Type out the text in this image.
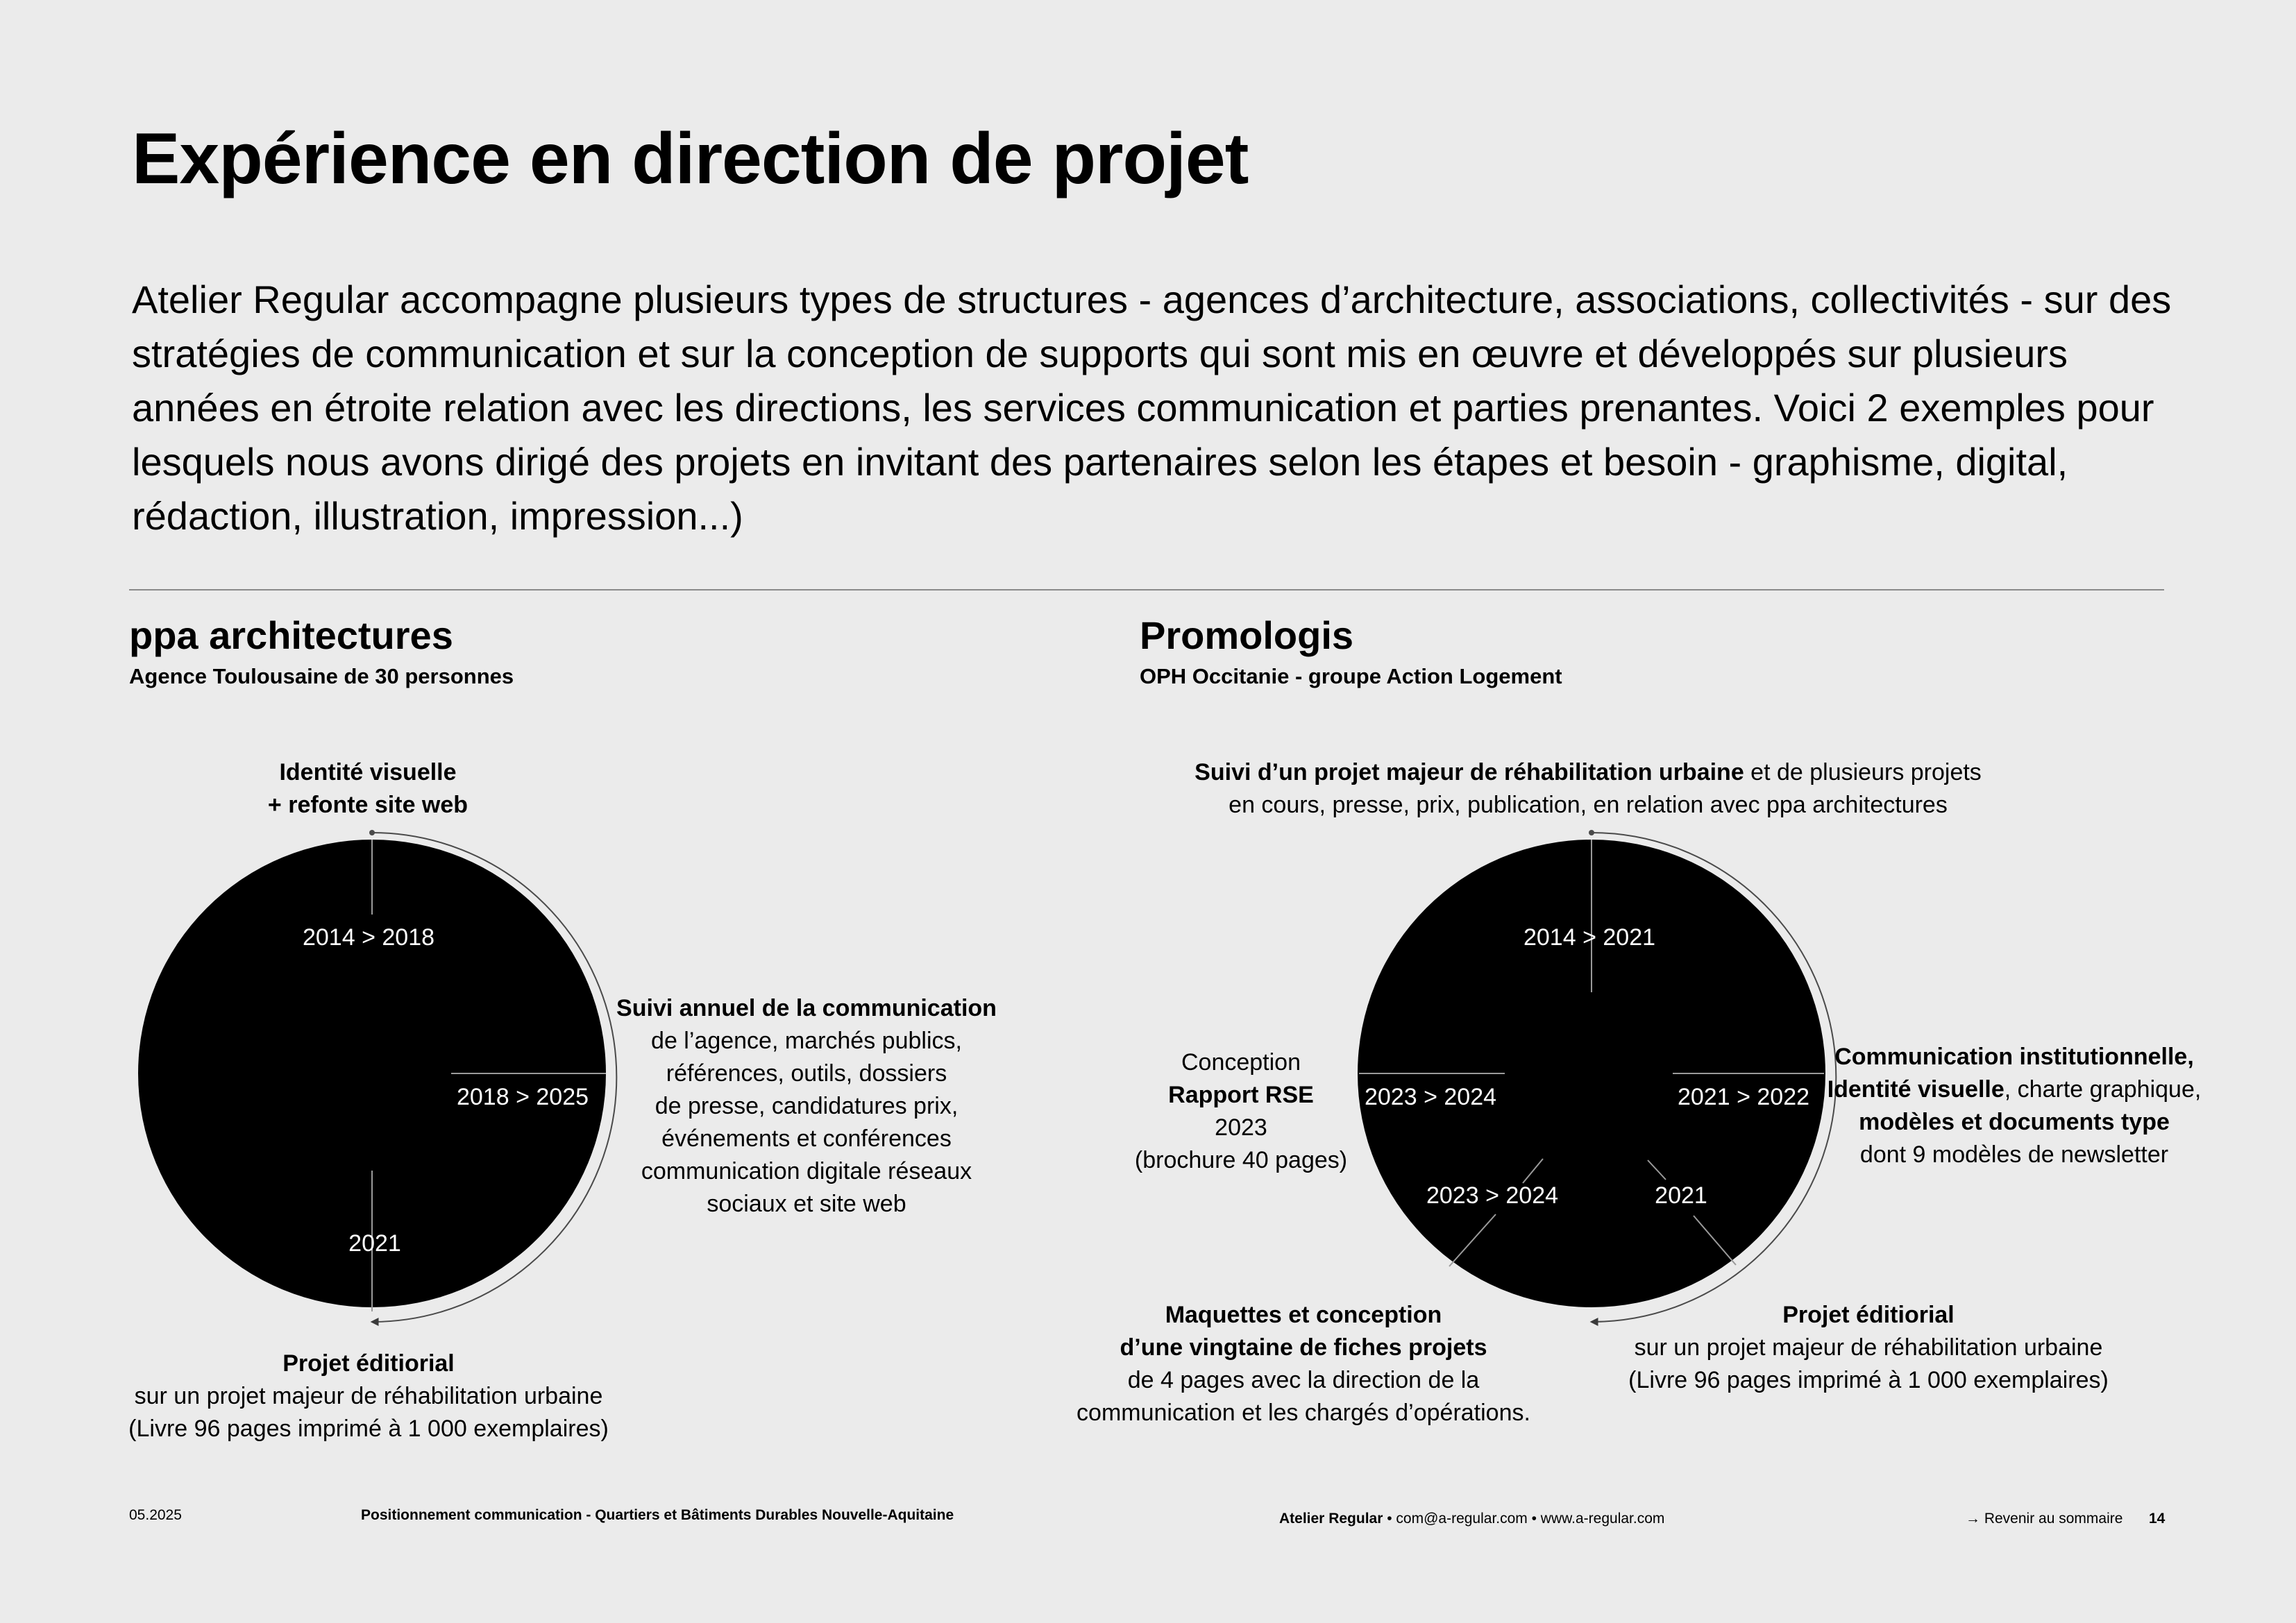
Expérience en direction de projet

Atelier Regular accompagne plusieurs types de structures - agences d’architecture, associations, collectivités - sur des stratégies de communication et sur la conception de supports qui sont mis en œuvre et développés sur plusieurs années en étroite relation avec les directions, les services communication et parties prenantes. Voici 2 exemples pour lesquels nous avons dirigé des projets en invitant des partenaires selon les étapes et besoin - graphisme, digital, rédaction, illustration, impression...)

ppa architectures
Agence Toulousaine de 30 personnes
Promologis
OPH Occitanie - groupe Action Logement
2014 > 2018
2018 > 2025
2021
2014 > 2021
2023 > 2024	2021 > 2022
2023 > 2024	2021
Identité visuelle
+ refonte site web
Suivi annuel de la communication
de l’agence, marchés publics,
références, outils, dossiers
de presse, candidatures prix,
événements et conférences
communication digitale réseaux
sociaux et site web
Projet éditiorial
sur un projet majeur de réhabilitation urbaine
(Livre 96 pages imprimé à 1 000 exemplaires)
Suivi d’un projet majeur de réhabilitation urbaine et de plusieurs projets
en cours, presse, prix, publication, en relation avec ppa architectures
Conception
Rapport RSE
2023
(brochure 40 pages)
Communication institutionnelle,
Identité visuelle, charte graphique,
modèles et documents type
dont 9 modèles de newsletter
Maquettes et conception
d’une vingtaine de fiches projets
de 4 pages avec la direction de la
communication et les chargés d’opérations.
Projet éditiorial
sur un projet majeur de réhabilitation urbaine
(Livre 96 pages imprimé à 1 000 exemplaires)
05.2025	Positionnement communication - Quartiers et Bâtiments Durables Nouvelle-Aquitaine	Atelier Regular • com@a-regular.com • www.a-regular.com	→ Revenir au sommaire 14
